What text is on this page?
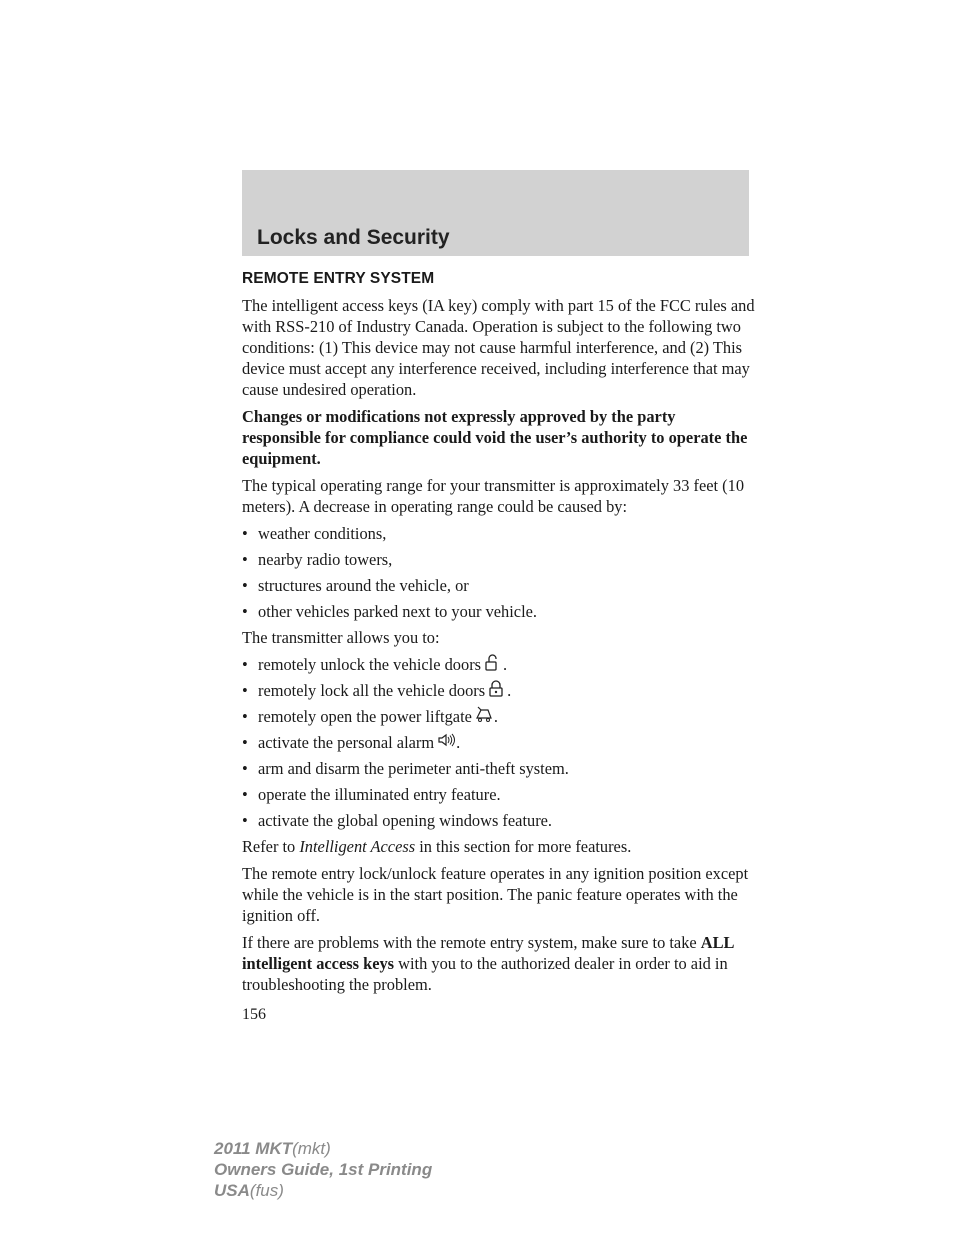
Locks and Security
REMOTE ENTRY SYSTEM

The intelligent access keys (IA key) comply with part 15 of the FCC rules and with RSS-210 of Industry Canada. Operation is subject to the following two conditions: (1) This device may not cause harmful interference, and (2) This device must accept any interference received, including interference that may cause undesired operation.

Changes or modifications not expressly approved by the party responsible for compliance could void the user’s authority to operate the equipment.

The typical operating range for your transmitter is approximately 33 feet (10 meters). A decrease in operating range could be caused by:

• weather conditions,
• nearby radio towers,
• structures around the vehicle, or
• other vehicles parked next to your vehicle.

The transmitter allows you to:

• remotely unlock the vehicle doors .
• remotely lock all the vehicle doors .
• remotely open the power liftgate .
• activate the personal alarm .
• arm and disarm the perimeter anti-theft system.
• operate the illuminated entry feature.
• activate the global opening windows feature.

Refer to Intelligent Access in this section for more features.

The remote entry lock/unlock feature operates in any ignition position except while the vehicle is in the start position. The panic feature operates with the ignition off.

If there are problems with the remote entry system, make sure to take ALL intelligent access keys with you to the authorized dealer in order to aid in troubleshooting the problem.

156
2011 MKT(mkt)
Owners Guide, 1st Printing
USA(fus)
